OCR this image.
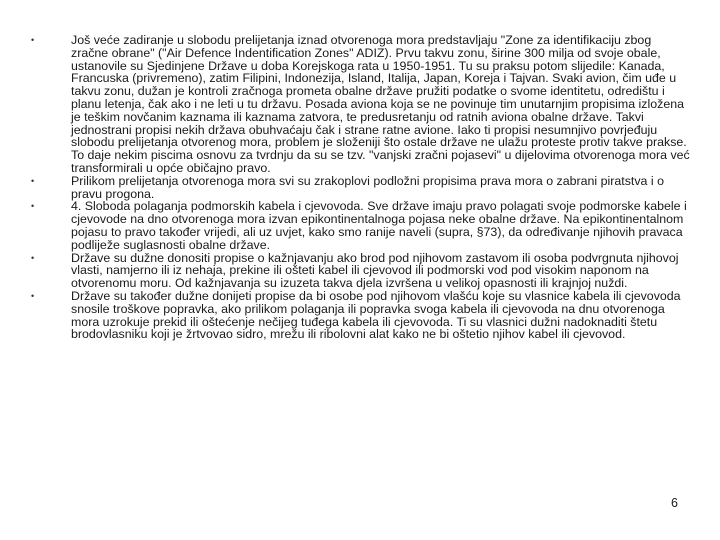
•	Još veće zadiranje u slobodu prelijetanja iznad otvorenoga mora predstavljaju "Zone za identifikaciju zbog zračne obrane" ("Air Defence Indentification Zones" ADIZ). Prvu takvu zonu, širine 300 milja od svoje obale, ustanovile su Sjedinjene Države u doba Korejskoga rata u 1950-1951. Tu su praksu potom slijedile: Kanada, Francuska (privremeno), zatim Filipini, Indonezija, Island, Italija, Japan, Koreja i Tajvan. Svaki avion, čim uđe u takvu zonu, dužan je kontroli zračnoga prometa obalne države pružiti podatke o svome identitetu, odredištu i planu letenja, čak ako i ne leti u tu državu. Posada aviona koja se ne povinuje tim unutarnjim propisima izložena je teškim novčanim kaznama ili kaznama zatvora, te predusretanju od ratnih aviona obalne države. Takvi jednostrani propisi nekih država obuhvaćaju čak i strane ratne avione. Iako ti propisi nesumnjivo povrjeđuju slobodu prelijetanja otvorenog mora, problem je složeniji što ostale države ne ulažu proteste protiv takve prakse. To daje nekim piscima osnovu za tvrdnju da su se tzv. "vanjski zračni pojasevi" u dijelovima otvorenoga mora već transformirali u opće običajno pravo.
•	Prilikom prelijetanja otvorenoga mora svi su zrakoplovi podložni propisima prava mora o zabrani piratstva i o pravu progona.
•	4. Sloboda polaganja podmorskih kabela i cjevovoda. Sve države imaju pravo polagati svoje podmorske kabele i cjevovode na dno otvorenoga mora izvan epikontinentalnoga pojasa neke obalne države. Na epikontinentalnom pojasu to pravo također vrijedi, ali uz uvjet, kako smo ranije naveli (supra, §73), da određivanje njihovih pravaca podliježe suglasnosti obalne države.
•	Države su dužne donositi propise o kažnjavanju ako brod pod njihovom zastavom ili osoba podvrgnuta njihovoj vlasti, namjerno ili iz nehaja, prekine ili ošteti kabel ili cjevovod ili podmorski vod pod visokim naponom na otvorenomu moru. Od kažnjavanja su izuzeta takva djela izvršena u velikoj opasnosti ili krajnjoj nuždi.
•	Države su također dužne donijeti propise da bi osobe pod njihovom vlašću koje su vlasnice kabela ili cjevovoda snosile troškove popravka, ako prilikom polaganja ili popravka svoga kabela ili cjevovoda na dnu otvorenoga mora uzrokuje prekid ili oštećenje nečijeg tuđega kabela ili cjevovoda. Ti su vlasnici dužni nadoknaditi štetu brodovlasniku koji je žrtvovao sidro, mrežu ili ribolovni alat kako ne bi oštetio njihov kabel ili cjevovod.
6
